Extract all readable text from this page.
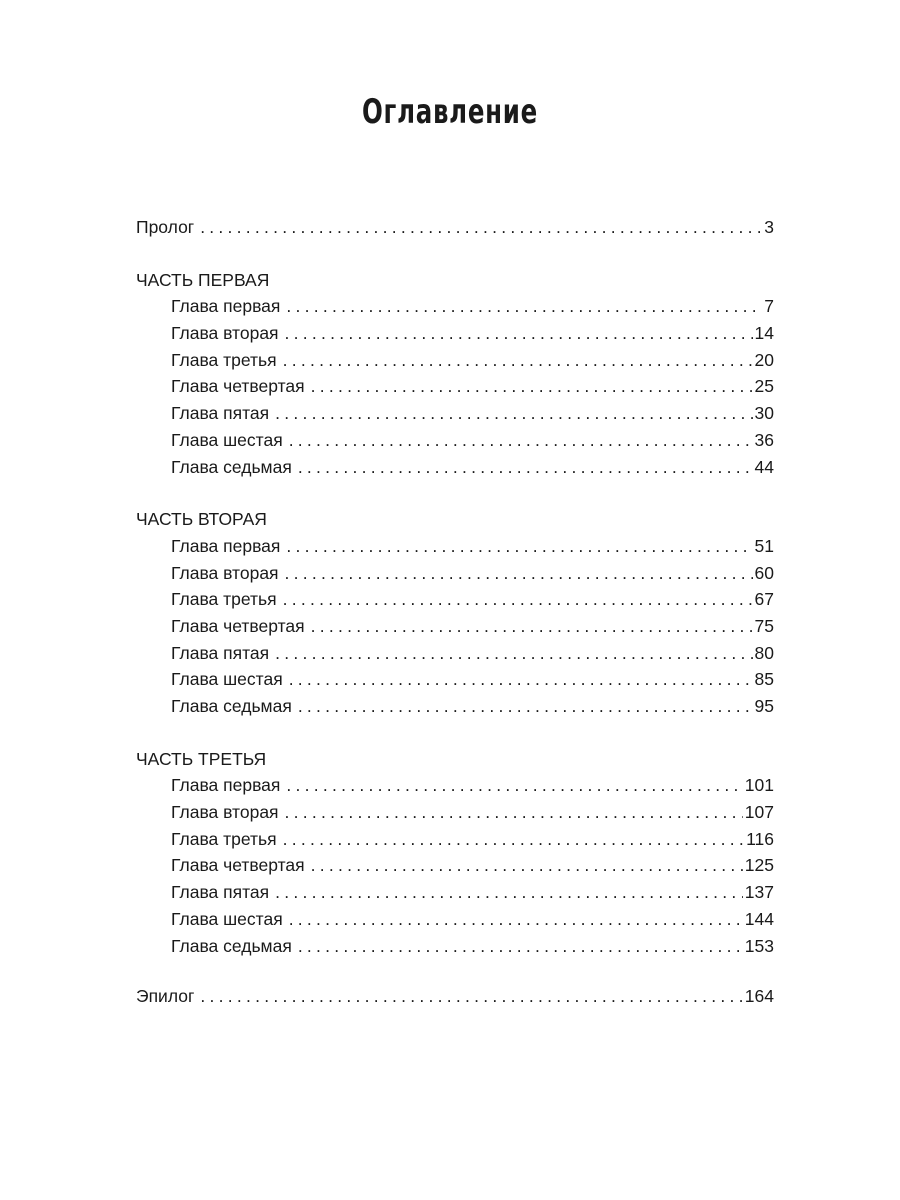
Оглавление
Пролог . . .	3
ЧАСТЬ ПЕРВАЯ
Глава первая . . .	7
Глава вторая . . .	14
Глава третья . . .	20
Глава четвертая . . .	25
Глава пятая . . .	30
Глава шестая . . .	36
Глава седьмая . . .	44
ЧАСТЬ ВТОРАЯ
Глава первая . . .	51
Глава вторая . . .	60
Глава третья . . .	67
Глава четвертая . . .	75
Глава пятая . . .	80
Глава шестая . . .	85
Глава седьмая . . .	95
ЧАСТЬ ТРЕТЬЯ
Глава первая . . .	101
Глава вторая . . .	107
Глава третья . . .	116
Глава четвертая . . .	125
Глава пятая . . .	137
Глава шестая . . .	144
Глава седьмая . . .	153
Эпилог . . .	164
